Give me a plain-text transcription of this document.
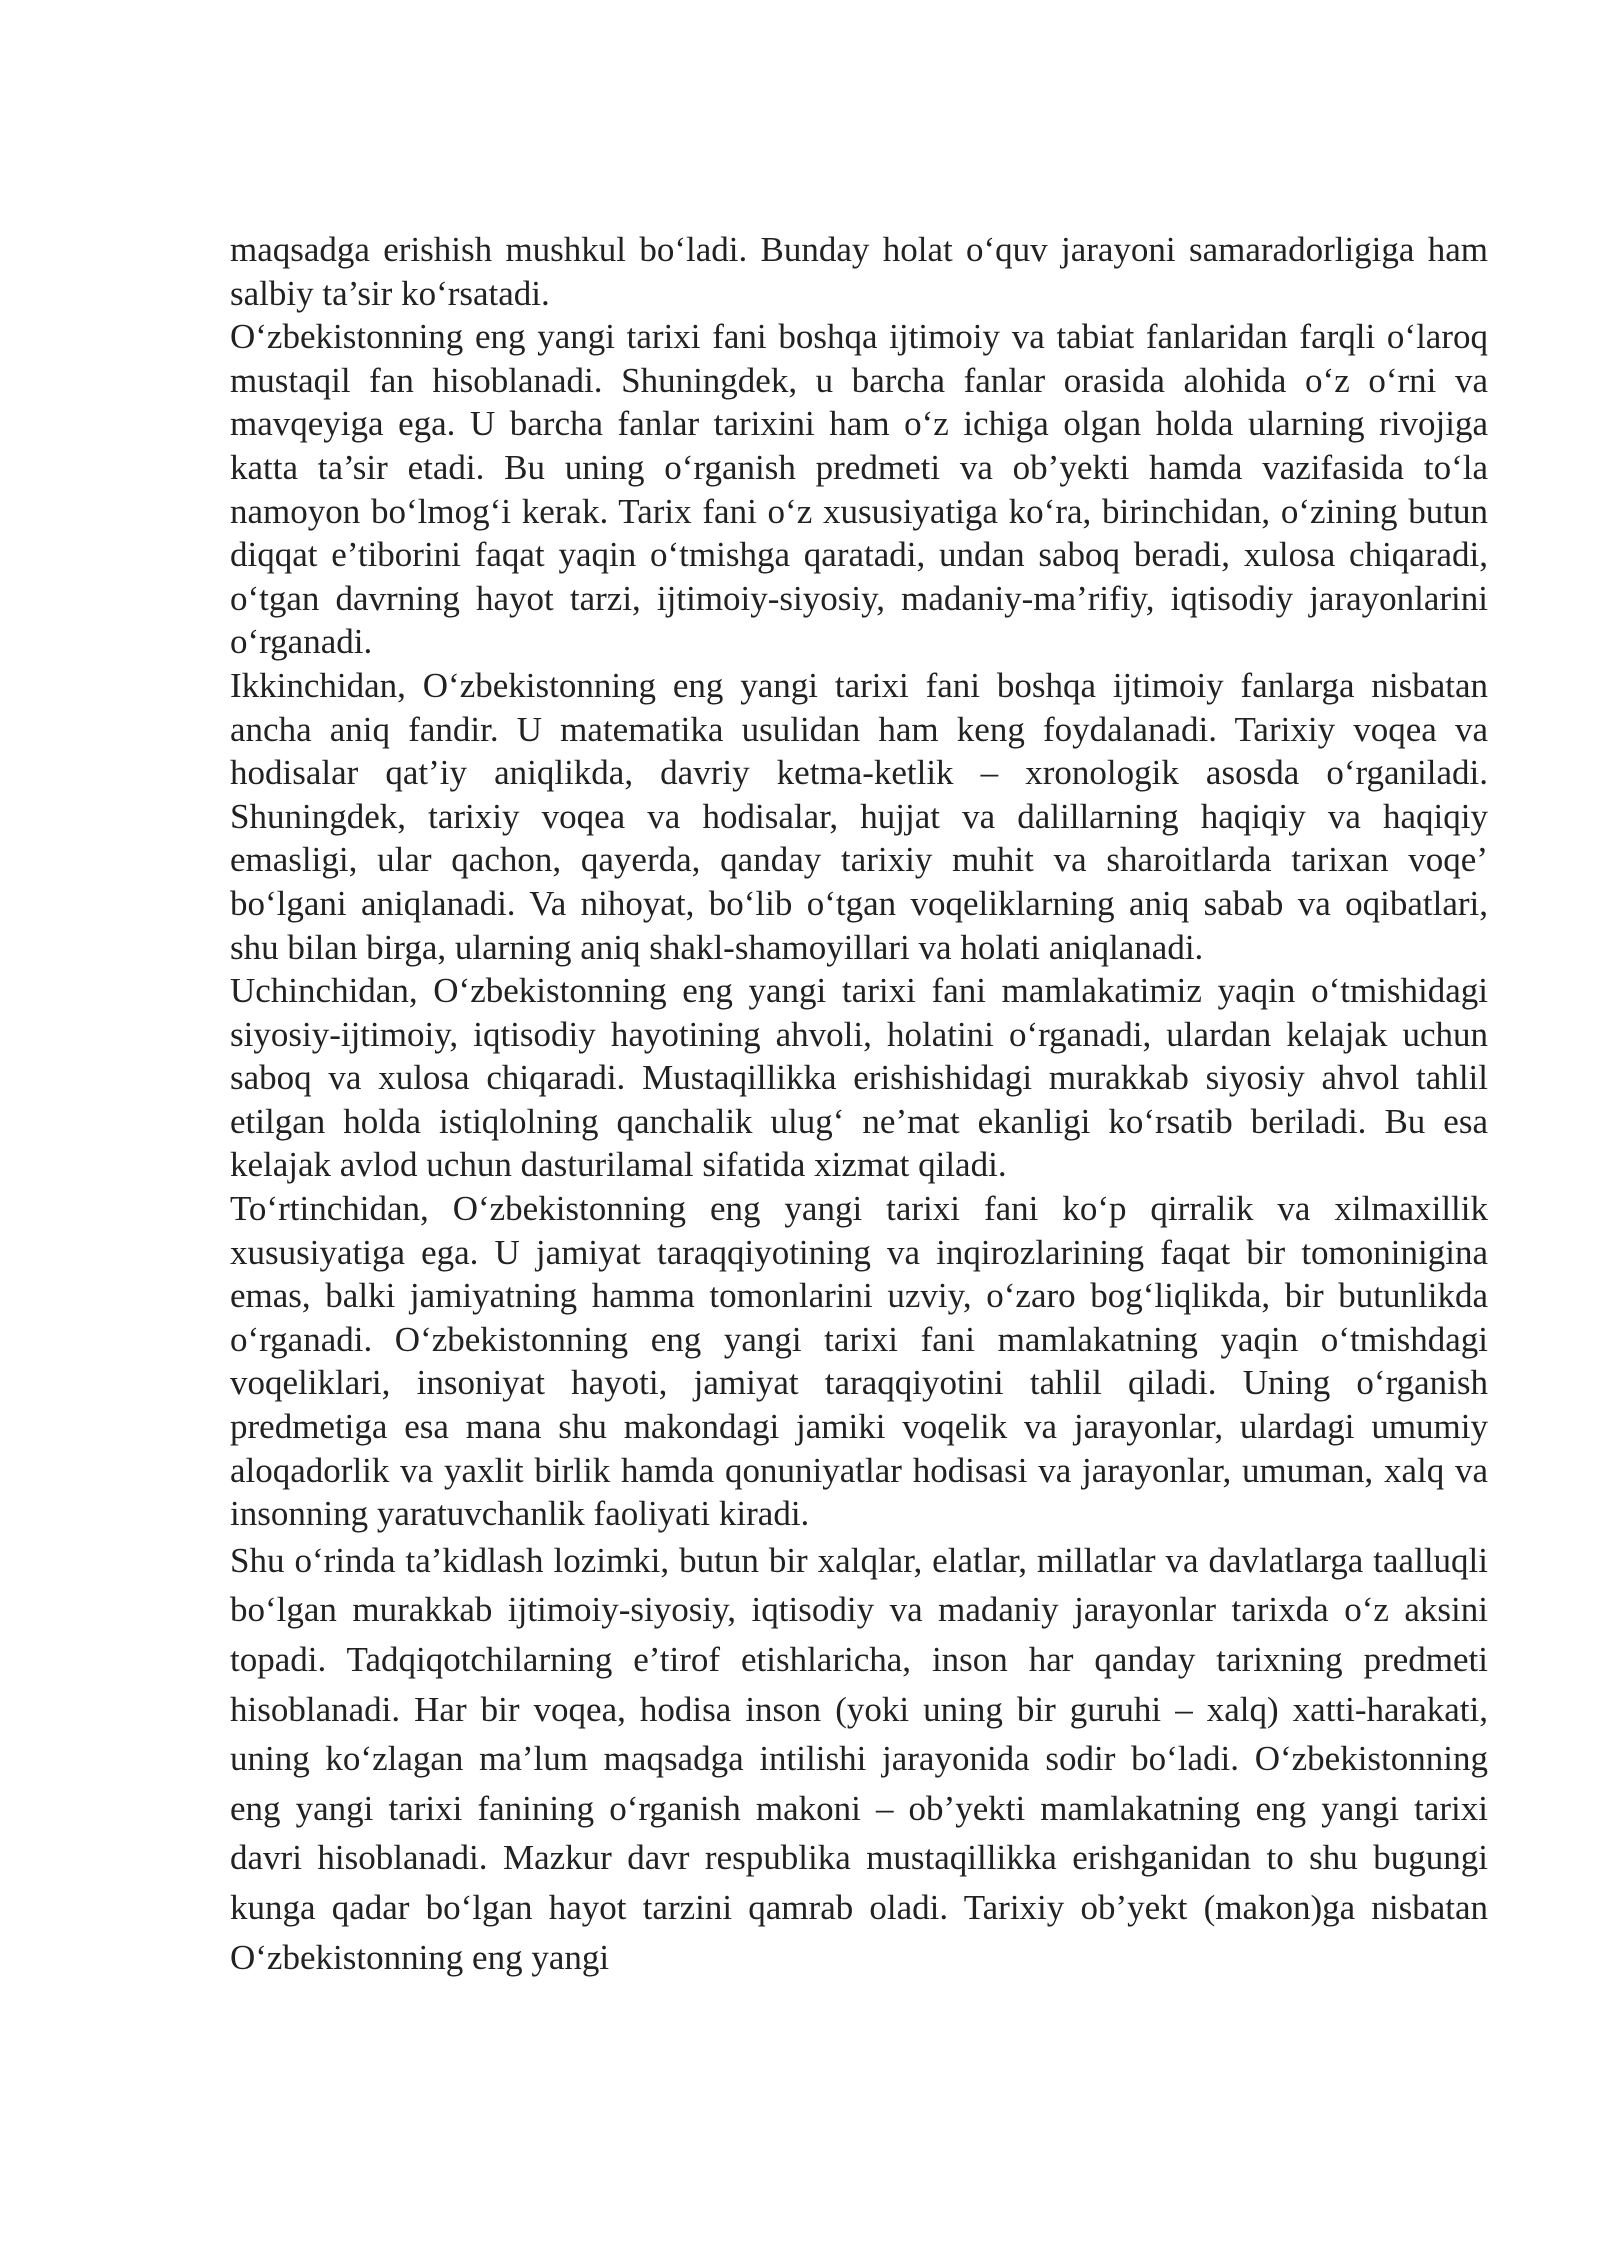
maqsadga erishish mushkul bo‘ladi. Bunday holat o‘quv jarayoni samaradorligiga ham salbiy ta’sir ko‘rsatadi.

O‘zbekistonning eng yangi tarixi fani boshqa ijtimoiy va tabiat fanlaridan farqli o‘laroq mustaqil fan hisoblanadi. Shuningdek, u barcha fanlar orasida alohida o‘z o‘rni va mavqeyiga ega. U barcha fanlar tarixini ham o‘z ichiga olgan holda ularning rivojiga katta ta’sir etadi. Bu uning o‘rganish predmeti va ob’yekti hamda vazifasida to‘la namoyon bo‘lmog‘i kerak. Tarix fani o‘z xususiyatiga ko‘ra, birinchidan, o‘zining butun diqqat e’tiborini faqat yaqin o‘tmishga qaratadi, undan saboq beradi, xulosa chiqaradi, o‘tgan davrning hayot tarzi, ijtimoiy-siyosiy, madaniy-ma’rifiy, iqtisodiy jarayonlarini o‘rganadi.

Ikkinchidan, O‘zbekistonning eng yangi tarixi fani boshqa ijtimoiy fanlarga nisbatan ancha aniq fandir. U matematika usulidan ham keng foydalanadi. Tarixiy voqea va hodisalar qat’iy aniqlikda, davriy ketma-ketlik – xronologik asosda o‘rganiladi. Shuningdek, tarixiy voqea va hodisalar, hujjat va dalillarning haqiqiy va haqiqiy emasligi, ular qachon, qayerda, qanday tarixiy muhit va sharoitlarda tarixan voqe’ bo‘lgani aniqlanadi. Va nihoyat, bo‘lib o‘tgan voqeliklarning aniq sabab va oqibatlari, shu bilan birga, ularning aniq shakl-shamoyillari va holati aniqlanadi.

Uchinchidan, O‘zbekistonning eng yangi tarixi fani mamlakatimiz yaqin o‘tmishidagi siyosiy-ijtimoiy, iqtisodiy hayotining ahvoli, holatini o‘rganadi, ulardan kelajak uchun saboq va xulosa chiqaradi. Mustaqillikka erishishidagi murakkab siyosiy ahvol tahlil etilgan holda istiqlolning qanchalik ulug‘ ne’mat ekanligi ko‘rsatib beriladi. Bu esa kelajak avlod uchun dasturilamal sifatida xizmat qiladi.

To‘rtinchidan, O‘zbekistonning eng yangi tarixi fani ko‘p qirralik va xilmaxillik xususiyatiga ega. U jamiyat taraqqiyotining va inqirozlarining faqat bir tomoninigina emas, balki jamiyatning hamma tomonlarini uzviy, o‘zaro bog‘liqlikda, bir butunlikda o‘rganadi. O‘zbekistonning eng yangi tarixi fani mamlakatning yaqin o‘tmishdagi voqeliklari, insoniyat hayoti, jamiyat taraqqiyotini tahlil qiladi. Uning o‘rganish predmetiga esa mana shu makondagi jamiki voqelik va jarayonlar, ulardagi umumiy aloqadorlik va yaxlit birlik hamda qonuniyatlar hodisasi va jarayonlar, umuman, xalq va insonning yaratuvchanlik faoliyati kiradi.

Shu o‘rinda ta’kidlash lozimki, butun bir xalqlar, elatlar, millatlar va davlatlarga taalluqli bo‘lgan murakkab ijtimoiy-siyosiy, iqtisodiy va madaniy jarayonlar tarixda o‘z aksini topadi. Tadqiqotchilarning e’tirof etishlaricha, inson har qanday tarixning predmeti hisoblanadi. Har bir voqea, hodisa inson (yoki uning bir guruhi – xalq) xatti-harakati, uning ko‘zlagan ma’lum maqsadga intilishi jarayonida sodir bo‘ladi. O‘zbekistonning eng yangi tarixi fanining o‘rganish makoni – ob’yekti mamlakatning eng yangi tarixi davri hisoblanadi. Mazkur davr respublika mustaqillikka erishganidan to shu bugungi kunga qadar bo‘lgan hayot tarzini qamrab oladi. Tarixiy ob’yekt (makon)ga nisbatan O‘zbekistonning eng yangi
